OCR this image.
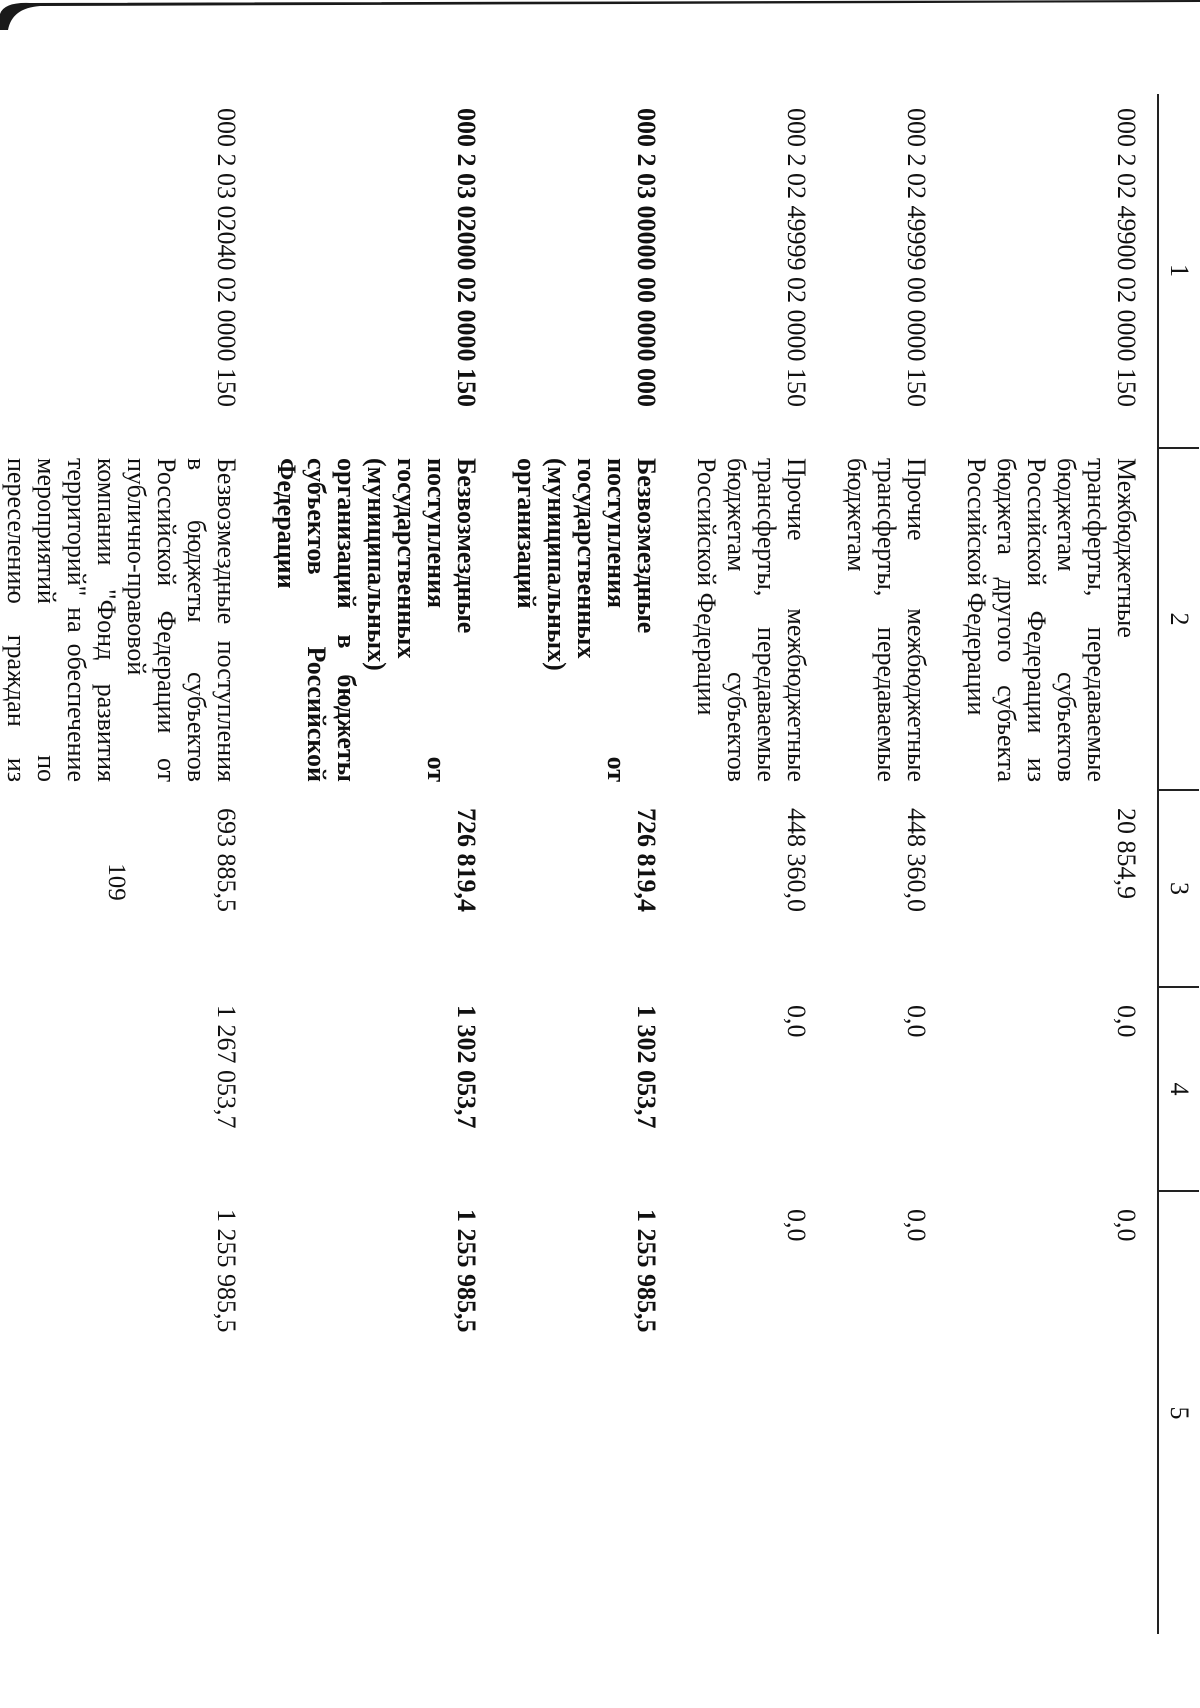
109
1	2	3	4	5
000 2 02 49900 02 0000 150	Межбюджетные трансферты, передаваемые бюджетам субъектов Российской Федерации из бюджета другого субъекта Российской Федерации	20 854,9	0,0	0,0
000 2 02 49999 00 0000 150	Прочие межбюджетные трансферты, передаваемые бюджетам	448 360,0	0,0	0,0
000 2 02 49999 02 0000 150	Прочие межбюджетные трансферты, передаваемые бюджетам субъектов Российской Федерации	448 360,0	0,0	0,0
000 2 03 00000 00 0000 000	Безвозмездные поступления от государственных (муниципальных) организаций	726 819,4	1 302 053,7	1 255 985,5
000 2 03 02000 02 0000 150	Безвозмездные поступления от государственных (муниципальных) организаций в бюджеты субъектов Российской Федерации	726 819,4	1 302 053,7	1 255 985,5
000 2 03 02040 02 0000 150	Безвозмездные поступления в бюджеты субъектов Российской Федерации от публично-правовой компании "Фонд развития территорий" на обеспечение мероприятий по переселению граждан из	693 885,5	1 267 053,7	1 255 985,5
